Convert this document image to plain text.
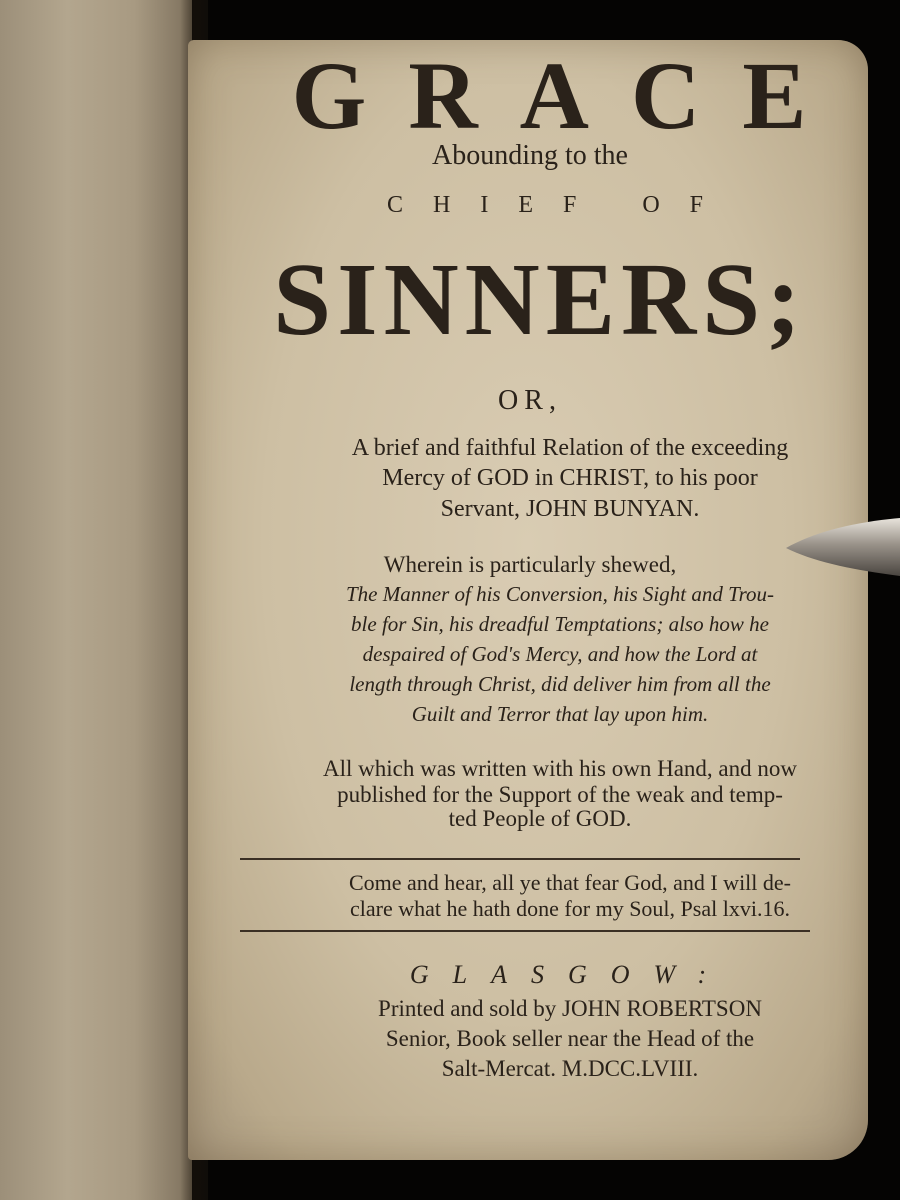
GRACE
Abounding to the
CHIEF OF
SINNERS;
OR,
A brief and faithful Relation of the exceeding
Mercy of GOD in CHRIST, to his poor
Servant, JOHN BUNYAN.
Wherein is particularly shewed,
The Manner of his Conversion, his Sight and Trou-
ble for Sin, his dreadful Temptations; also how he
despaired of God's Mercy, and how the Lord at
length through Christ, did deliver him from all the
Guilt and Terror that lay upon him.
All which was written with his own Hand, and now
published for the Support of the weak and temp-
ted People of GOD.
Come and hear, all ye that fear God, and I will de-
clare what he hath done for my Soul, Psal lxvi.16.
GLASGOW:
Printed and sold by JOHN ROBERTSON
Senior, Book seller near the Head of the
Salt-Mercat. M.DCC.LVIII.
